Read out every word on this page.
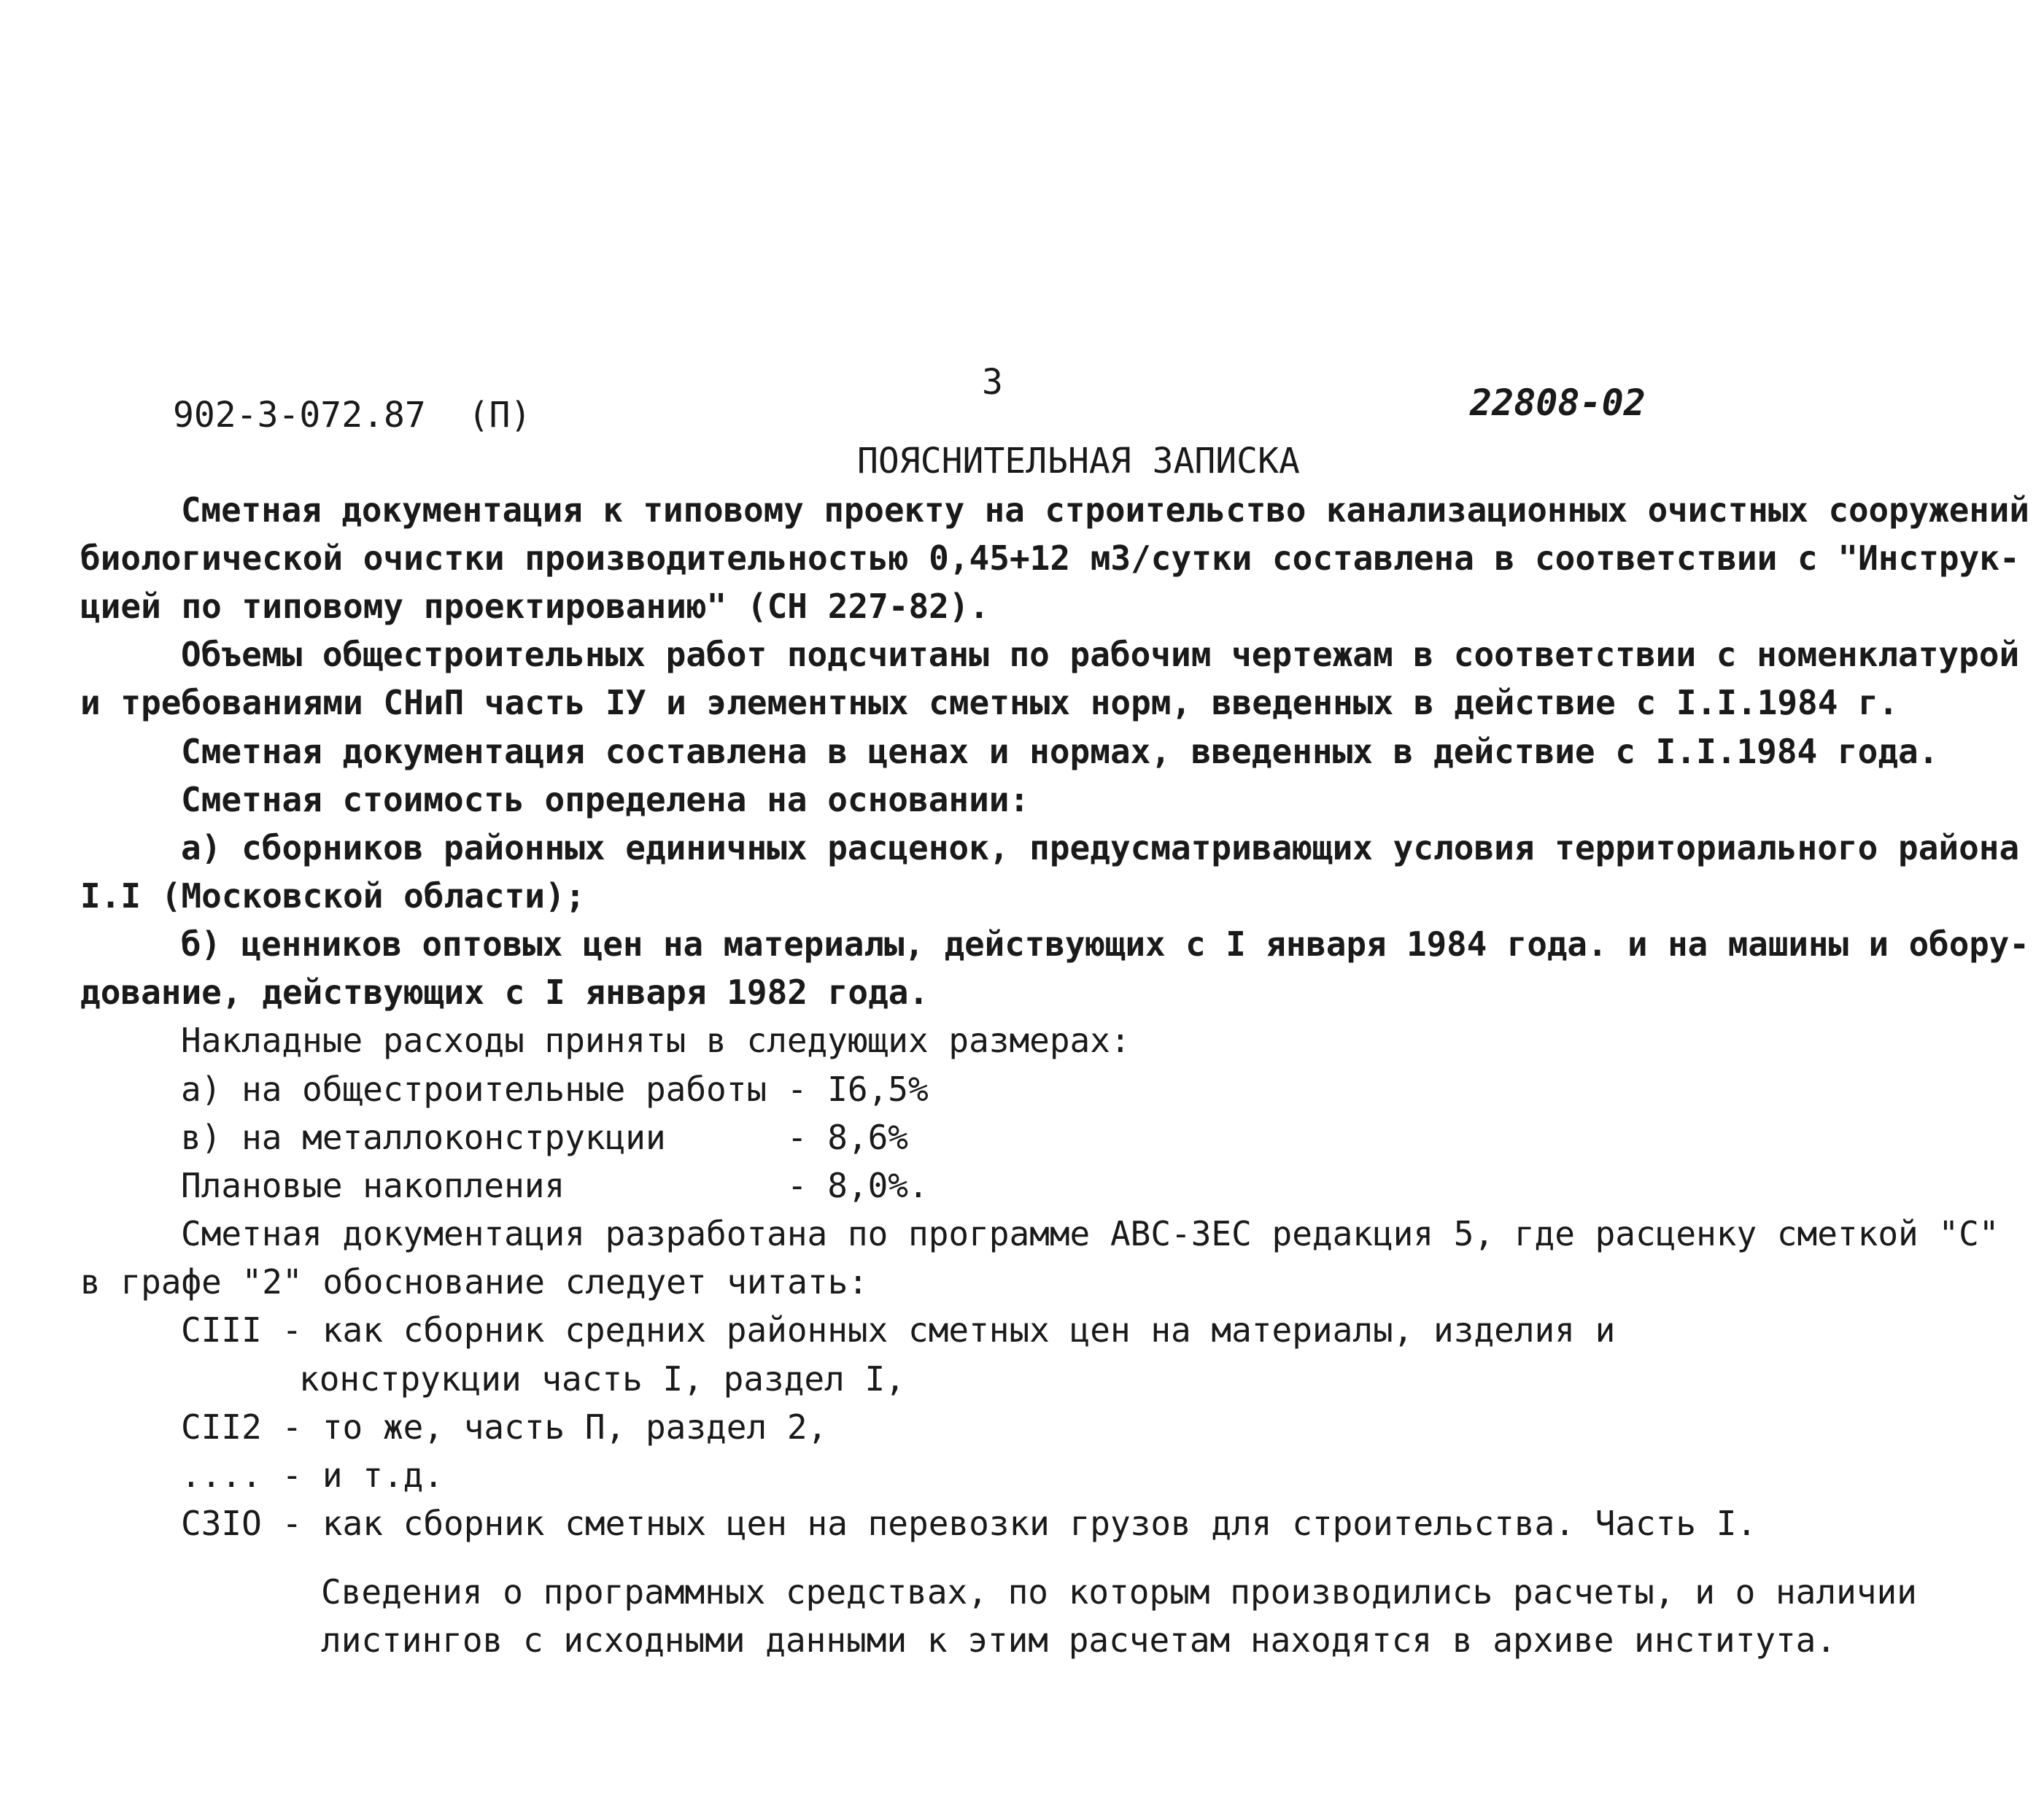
3
902-3-072.87  (П)	22808-02
ПОЯСНИТЕЛЬНАЯ ЗАПИСКА
Сметная документация к типовому проекту на строительство канализационных очистных сооружений
биологической очистки производительностью 0,45+12 м3/сутки составлена в соответствии с "Инструк-
цией по типовому проектированию" (СН 227-82).
Объемы общестроительных работ подсчитаны по рабочим чертежам в соответствии с номенклатурой
и требованиями СНиП часть IУ и элементных сметных норм, введенных в действие с I.I.1984 г.
Сметная документация составлена в ценах и нормах, введенных в действие с I.I.1984 года.
Сметная стоимость определена на основании:
а) сборников районных единичных расценок, предусматривающих условия территориального района
I.I (Московской области);
б) ценников оптовых цен на материалы, действующих с I января 1984 года. и на машины и обору-
дование, действующих с I января 1982 года.
Накладные расходы приняты в следующих размерах:
а) на общестроительные работы - I6,5%
в) на металлоконструкции      - 8,6%
Плановые накопления           - 8,0%.
Сметная документация разработана по программе АВС-3ЕС редакция 5, где расценку сметкой "С"
в графе "2" обоснование следует читать:
СIII - как сборник средних районных сметных цен на материалы, изделия и
конструкции часть I, раздел I,
СII2 - то же, часть П, раздел 2,
.... - и т.д.
С3IO - как сборник сметных цен на перевозки грузов для строительства. Часть I.
Сведения о программных средствах, по которым производились расчеты, и о наличии
листингов с исходными данными к этим расчетам находятся в архиве института.
